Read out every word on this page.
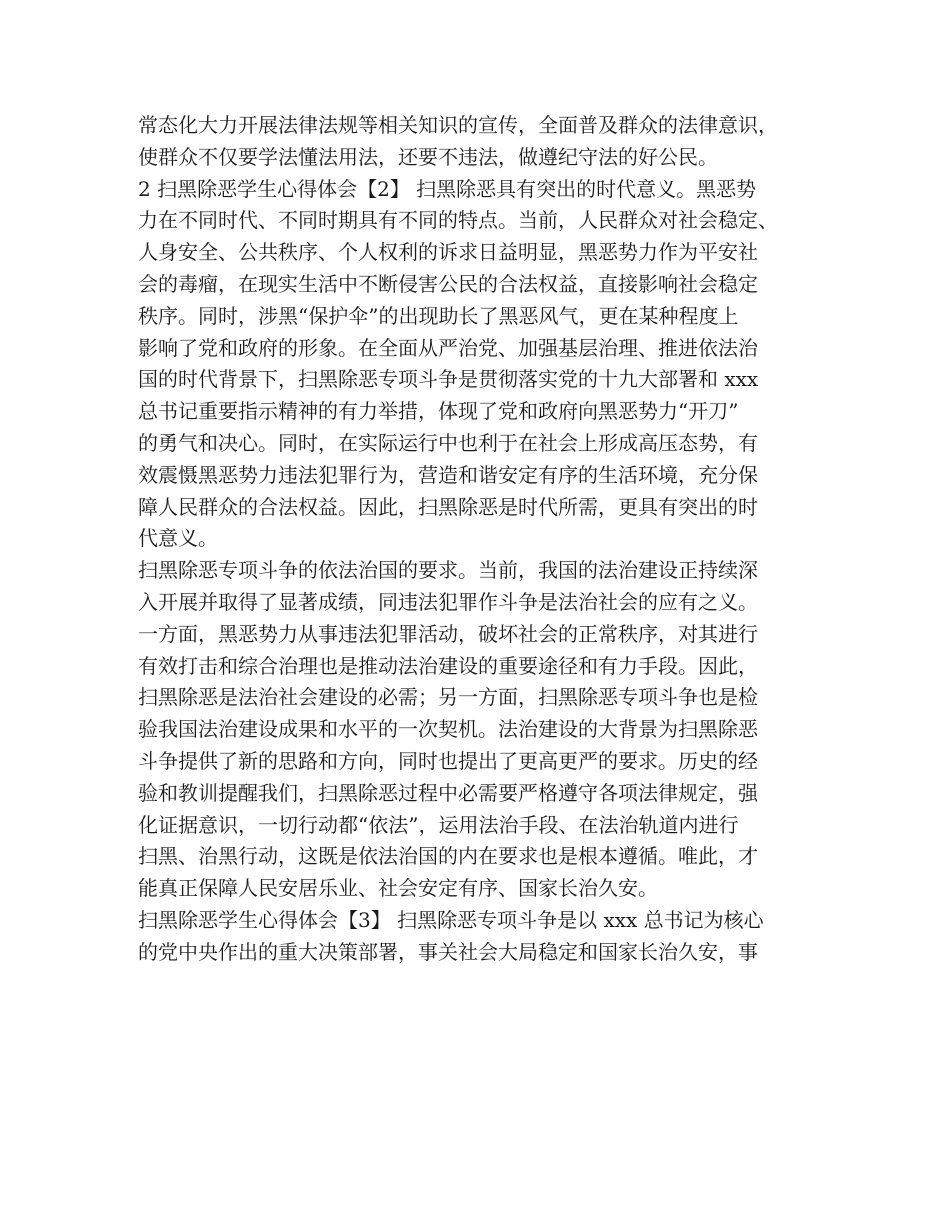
常态化大力开展法律法规等相关知识的宣传，全面普及群众的法律意识，
使群众不仅要学法懂法用法，还要不违法，做遵纪守法的好公民。
2 扫黑除恶学生心得体会【2】 扫黑除恶具有突出的时代意义。黑恶势
力在不同时代、不同时期具有不同的特点。当前，人民群众对社会稳定、
人身安全、公共秩序、个人权利的诉求日益明显，黑恶势力作为平安社
会的毒瘤，在现实生活中不断侵害公民的合法权益，直接影响社会稳定
秩序。同时，涉黑“保护伞”的出现助长了黑恶风气，更在某种程度上
影响了党和政府的形象。在全面从严治党、加强基层治理、推进依法治
国的时代背景下，扫黑除恶专项斗争是贯彻落实党的十九大部署和 xxx
总书记重要指示精神的有力举措，体现了党和政府向黑恶势力“开刀”
的勇气和决心。同时，在实际运行中也利于在社会上形成高压态势，有
效震慑黑恶势力违法犯罪行为，营造和谐安定有序的生活环境，充分保
障人民群众的合法权益。因此，扫黑除恶是时代所需，更具有突出的时
代意义。
扫黑除恶专项斗争的依法治国的要求。当前，我国的法治建设正持续深
入开展并取得了显著成绩，同违法犯罪作斗争是法治社会的应有之义。
一方面，黑恶势力从事违法犯罪活动，破坏社会的正常秩序，对其进行
有效打击和综合治理也是推动法治建设的重要途径和有力手段。因此，
扫黑除恶是法治社会建设的必需；另一方面，扫黑除恶专项斗争也是检
验我国法治建设成果和水平的一次契机。法治建设的大背景为扫黑除恶
斗争提供了新的思路和方向，同时也提出了更高更严的要求。历史的经
验和教训提醒我们，扫黑除恶过程中必需要严格遵守各项法律规定，强
化证据意识，一切行动都“依法”，运用法治手段、在法治轨道内进行
扫黑、治黑行动，这既是依法治国的内在要求也是根本遵循。唯此，才
能真正保障人民安居乐业、社会安定有序、国家长治久安。
扫黑除恶学生心得体会【3】 扫黑除恶专项斗争是以 xxx 总书记为核心
的党中央作出的重大决策部署，事关社会大局稳定和国家长治久安，事
